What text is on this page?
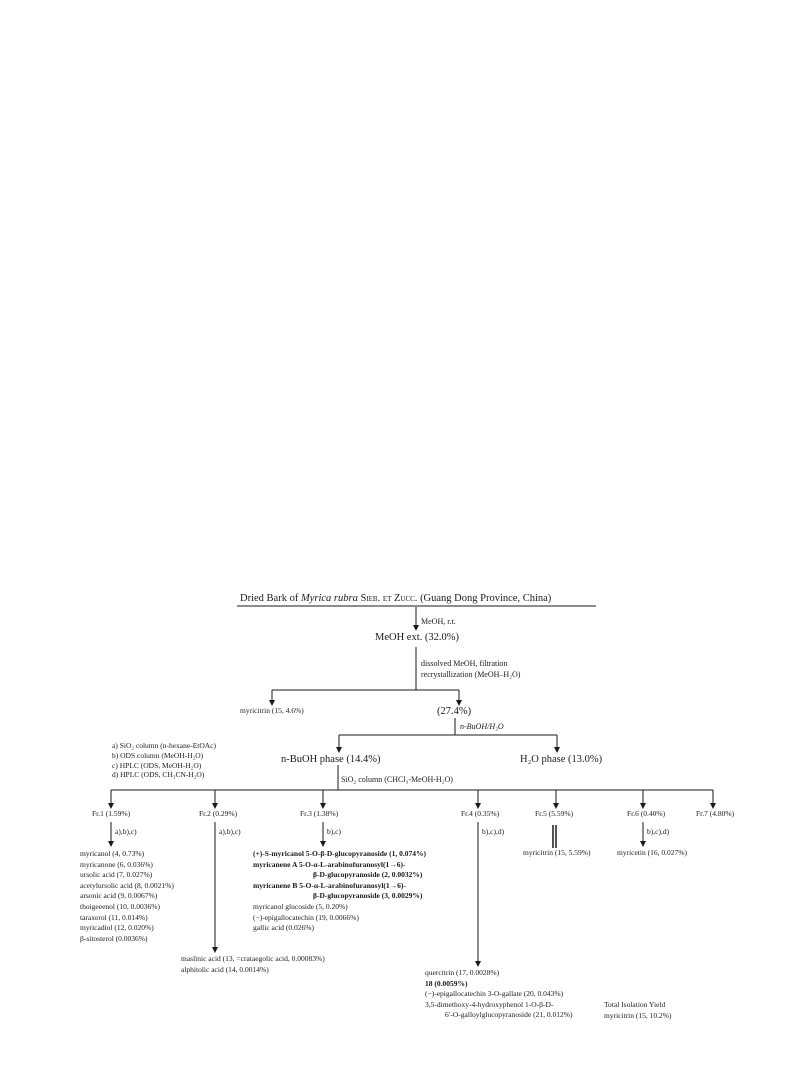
Dried Bark of Myrica rubra Sieb. et Zucc. (Guang Dong Province, China)
MeOH, r.t.
MeOH ext. (32.0%)
dissolved MeOH, filtration
recrystallization (MeOH–H₂O)
myricitrin (15, 4.6%)	(27.4%)
n-BuOH/H₂O
a) SiO₂ column (n-hexane-EtOAc)
b) ODS column (MeOH-H₂O)
c) HPLC (ODS, MeOH-H₂O)
d) HPLC (ODS, CH₃CN-H₂O)
n-BuOH phase (14.4%)	H₂O phase (13.0%)
SiO₂ column (CHCl₃-MeOH-H₂O)
Fr.1 (1.59%)	Fr.2 (0.29%)	Fr.3 (1.38%)	Fr.4 (0.35%)	Fr.5 (5.59%)	Fr.6 (0.40%)	Fr.7 (4.80%)
a),b),c)	a),b),c)	b),c)	b),c),d)	b),c),d)
myricanol (4, 0.73%)
myricanone (6, 0.036%)
ursolic acid (7, 0.027%)
acetylursolic acid (8, 0.0021%)
arsonic acid (9, 0.0067%)
thoigeeenol (10, 0.0036%)
taraxerol (11, 0.014%)
myricadiol (12, 0.020%)
β-sitosterol (0.0036%)
(+)-S-myricanol 5-O-β-D-glucopyranoside (1, 0.074%)
myricanene A 5-O-α-L-arabinofuranosyl(1→6)-
β-D-glucopyranoside (2, 0.0032%)
myricanene B 5-O-α-L-arabinofuranosyl(1→6)-
β-D-glucopyranoside (3, 0.0029%)
myricanol glucoside (5, 0.20%)
(−)-epigallocatechin (19, 0.0066%)
gallic acid (0.026%)
myricitrin (15, 5.59%)	myricetin (16, 0.027%)
maslinic acid (13, =crataegolic acid, 0.00083%)
alphitolic acid (14, 0.0014%)	quercitrin (17, 0.0028%)
18 (0.0059%)
(−)-epigallocatechin 3-O-gallate (20, 0.043%)
3,5-dimethoxy-4-hydroxyphenol 1-O-β-D-
6′-O-galloylglucopyranoside (21, 0.012%)
Total Isolation Yield
myricitrin (15, 10.2%)
